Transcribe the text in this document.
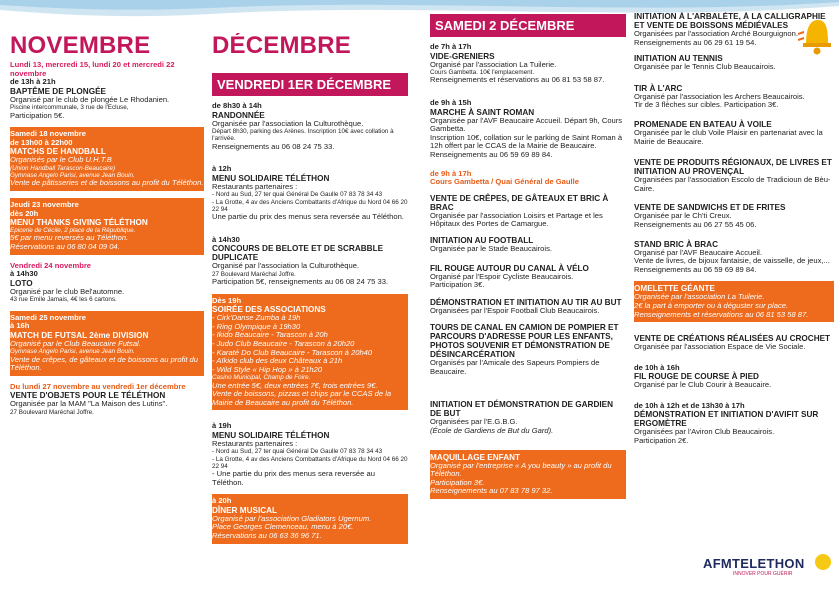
NOVEMBRE
Lundi 13, mercredi 15, lundi 20 et mercredi 22 novembre
de 13h à 21h
BAPTÊME DE PLONGÉE
Organisé par le club de plongée Le Rhodanien.
Piscine intercommunale, 3 rue de l'Ecluse,
Participation 5€.
Samedi 18 novembre
de 13h00 à 22h00
MATCHS DE HANDBALL
Organisés par le Club U.H.T.B
(Union Handball Tarascon-Beaucaire)
Gymnase Angelo Parisi, avenue Jean Bouin.
Vente de pâtisseries et de boissons au profit du Téléthon.
Jeudi 23 novembre
dès 20h
MENU THANKS GIVING TÉLÉTHON
Epicerie de Cécile, 2 place de la République.
5€ par menu reversés au Téléthon.
Réservations au 06 80 04 09 04.
Vendredi 24 novembre
à 14h30
LOTO
Organisé par le club Bel'automne.
43 rue Emile Jamais, 4€ les 6 cartons.
Samedi 25 novembre
à 16h
MATCH DE FUTSAL 2ème DIVISION
Organisé par le Club Beaucaire Futsal.
Gymnase Angelo Parisi, avenue Jean Bouin.
Vente de crêpes, de gâteaux et de boissons au profit du Téléthon.
Du lundi 27 novembre au vendredi 1er décembre
VENTE D'OBJETS POUR LE TÉLÉTHON
Organisée par la MAM "La Maison des Lutins".
27 Boulevard Maréchal Joffre.
DÉCEMBRE
VENDREDI 1ER DÉCEMBRE
de 8h30 à 14h
RANDONNÉE
Organisée par l'association la Culturothèque.
Départ 8h30, parking des Arènes. Inscription 10€ avec collation à l'arrivée.
Renseignements au 06 08 24 75 33.
à 12h
MENU SOLIDAIRE TÉLÉTHON
Restaurants partenaires :
- Nord au Sud, 27 ter quai Général De Gaulle 07 83 78 34 43
- La Grotte, 4 av des Anciens Combattants d'Afrique du Nord 04 66 20 22 94
Une partie du prix des menus sera reversée au Téléthon.
à 14h30
CONCOURS DE BELOTE ET DE SCRABBLE DUPLICATE
Organisé par l'association la Culturothèque.
27 Boulevard Maréchal Joffre.
Participation 5€, renseignements au 06 08 24 75 33.
Dès 19h
SOIRÉE DES ASSOCIATIONS
- Cirk'Danse Zumba à 19h
- Ring Olympique à 19h30
- Ikido Beaucaire - Tarascon à 20h
- Judo Club Beaucaire - Tarascon à 20h20
- Karaté Do Club Beaucaire - Tarascon à 20h40
- Aïkido club des deux Châteaux à 21h
- Wild Style « Hip Hop » à 21h20
Casino Municipal, Champ de Foire.
Une entrée 5€, deux entrées 7€, trois entrées 9€.
Vente de boissons, pizzas et chips par le CCAS de la Mairie de Beaucaire au profit du Téléthon.
à 19h
MENU SOLIDAIRE TÉLÉTHON
Restaurants partenaires :
- Nord au Sud, 27 ter quai Général De Gaulle 07 83 78 34 43
- La Grotte, 4 av des Anciens Combattants d'Afrique du Nord 04 66 20 22 94
- Une partie du prix des menus sera reversée au Téléthon.
à 20h
DÎNER MUSICAL
Organisé par l'association Gladiators Ugernum.
Place Georges Clemenceau, menu à 20€.
Réservations au 06 63 36 96 71.
SAMEDI 2 DÉCEMBRE
de 7h à 17h
VIDE-GRENIERS
Organisé par l'association La Tuilerie.
Cours Gambetta. 10€ l'emplacement.
Renseignements et réservations au 06 81 53 58 87.
de 9h à 15h
MARCHE À SAINT ROMAN
Organisée par l'AVF Beaucaire Accueil. Départ 9h, Cours Gambetta.
Inscription 10€, collation sur le parking de Saint Roman à 12h offert par le CCAS de la Mairie de Beaucaire.
Renseignements au 06 59 69 89 84.
de 9h à 17h
Cours Gambetta / Quai Général de Gaulle
VENTE DE CRÊPES, DE GÂTEAUX ET BRIC À BRAC
Organisée par l'association Loisirs et Partage et les Hôpitaux des Portes de Camargue.
INITIATION AU FOOTBALL
Organisée par le Stade Beaucairois.
FIL ROUGE AUTOUR DU CANAL À VÉLO
Organisé par l'Espoir Cycliste Beaucairois.
Participation 3€.
DÉMONSTRATION ET INITIATION AU TIR AU BUT
Organisées par l'Espoir Football Club Beaucairois.
TOURS DE CANAL EN CAMION DE POMPIER ET PARCOURS D'ADRESSE POUR LES ENFANTS, PHOTOS SOUVENIR ET DÉMONSTRATION DE DÉSINCARCÉRATION
Organisés par l'Amicale des Sapeurs Pompiers de Beaucaire.
INITIATION ET DÉMONSTRATION DE GARDIEN DE BUT
Organisées par l'E.G.B.G.
(École de Gardiens de But du Gard).
MAQUILLAGE ENFANT
Organisé par l'entreprise « A you beauty » au profit du Téléthon.
Participation 3€.
Renseignements au 07 83 78 97 32.
INITIATION À L'ARBALÈTE, À LA CALLIGRAPHIE ET VENTE DE BOISSONS MÉDIÉVALES
Organisées par l'association Arché Bourguignon.
Renseignements au 06 29 61 19 54.
INITIATION AU TENNIS
Organisée par le Tennis Club Beaucairois.
TIR À L'ARC
Organisé par l'association les Archers Beaucairois.
Tir de 3 flèches sur cibles. Participation 3€.
PROMENADE EN BATEAU À VOILE
Organisée par le club Voile Plaisir en partenariat avec la Mairie de Beaucaire.
VENTE DE PRODUITS RÉGIONAUX, DE LIVRES ET INITIATION AU PROVENÇAL
Organisées par l'association Escolo de Tradicioun de Bèu-Caire.
VENTE DE SANDWICHS ET DE FRITES
Organisée par le Ch'ti Creux.
Renseignements au 06 27 55 45 06.
STAND BRIC À BRAC
Organisé par l'AVF Beaucaire Accueil.
Vente de livres, de bijoux fantaisie, de vaisselle, de jeux,...
Renseignements au 06 59 69 89 84.
OMELETTE GÉANTE
Organisée par l'association La Tuilerie.
2€ la part à emporter ou à déguster sur place.
Renseignements et réservations au 06 81 53 58 87.
VENTE DE CRÉATIONS RÉALISÉES AU CROCHET
Organisée par l'association Espace de Vie Sociale.
de 10h à 16h
FIL ROUGE DE COURSE À PIED
Organisé par le Club Courir à Beaucaire.
de 10h à 12h et de 13h30 à 17h
DÉMONSTRATION ET INITIATION D'AVIFIT SUR ERGOMÈTRE
Organisées par l'Aviron Club Beaucairois.
Participation 2€.
AFMTELETHON
INNOVER POUR GUÉRIR
